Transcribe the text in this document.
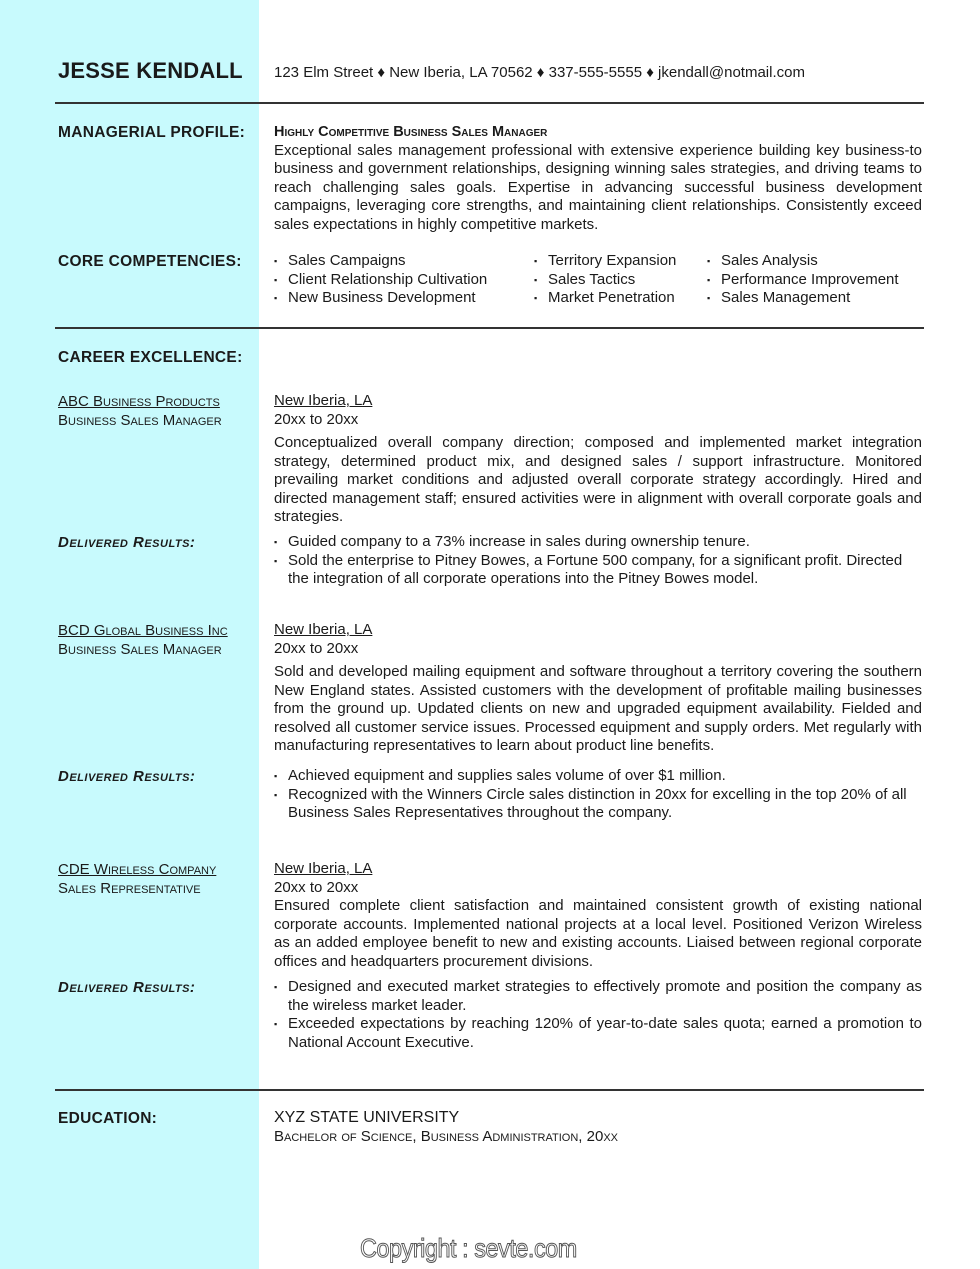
JESSE KENDALL 123 Elm Street ♦ New Iberia, LA 70562 ♦ 337-555-5555 ♦ jkendall@notmail.com
MANAGERIAL PROFILE: Highly Competitive Business Sales Manager
Exceptional sales management professional with extensive experience building key business-to business and government relationships, designing winning sales strategies, and driving teams to reach challenging sales goals. Expertise in advancing successful business development campaigns, leveraging core strengths, and maintaining client relationships. Consistently exceed sales expectations in highly competitive markets.
CORE COMPETENCIES:	▪ Sales Campaigns
▪ Client Relationship Cultivation
▪ New Business Development
▪ Territory Expansion
▪ Sales Tactics
▪ Market Penetration
▪ Sales Analysis
▪ Performance Improvement
▪ Sales Management
CAREER EXCELLENCE:
ABC Business Products
Business Sales Manager
New Iberia, LA
20xx to 20xx
Conceptualized overall company direction; composed and implemented market integration strategy, determined product mix, and designed sales / support infrastructure. Monitored prevailing market conditions and adjusted overall corporate strategy accordingly. Hired and directed management staff; ensured activities were in alignment with overall corporate goals and strategies.
Delivered Results:	▪ Guided company to a 73% increase in sales during ownership tenure.
▪ Sold the enterprise to Pitney Bowes, a Fortune 500 company, for a significant profit. Directed the integration of all corporate operations into the Pitney Bowes model.
BCD Global Business Inc
Business Sales Manager
New Iberia, LA
20xx to 20xx
Sold and developed mailing equipment and software throughout a territory covering the southern New England states. Assisted customers with the development of profitable mailing businesses from the ground up. Updated clients on new and upgraded equipment availability. Fielded and resolved all customer service issues. Processed equipment and supply orders. Met regularly with manufacturing representatives to learn about product line benefits.
Delivered Results:	▪ Achieved equipment and supplies sales volume of over $1 million.
▪ Recognized with the Winners Circle sales distinction in 20xx for excelling in the top 20% of all Business Sales Representatives throughout the company.
CDE Wireless Company
Sales Representative
New Iberia, LA
20xx to 20xx
Ensured complete client satisfaction and maintained consistent growth of existing national corporate accounts. Implemented national projects at a local level. Positioned Verizon Wireless as an added employee benefit to new and existing accounts. Liaised between regional corporate offices and headquarters procurement divisions.
Delivered Results:	▪ Designed and executed market strategies to effectively promote and position the company as the wireless market leader.
▪ Exceeded expectations by reaching 120% of year-to-date sales quota; earned a promotion to National Account Executive.
EDUCATION:	XYZ STATE UNIVERSITY
Bachelor of Science, Business Administration, 20xx
Copyright : sevte.com
